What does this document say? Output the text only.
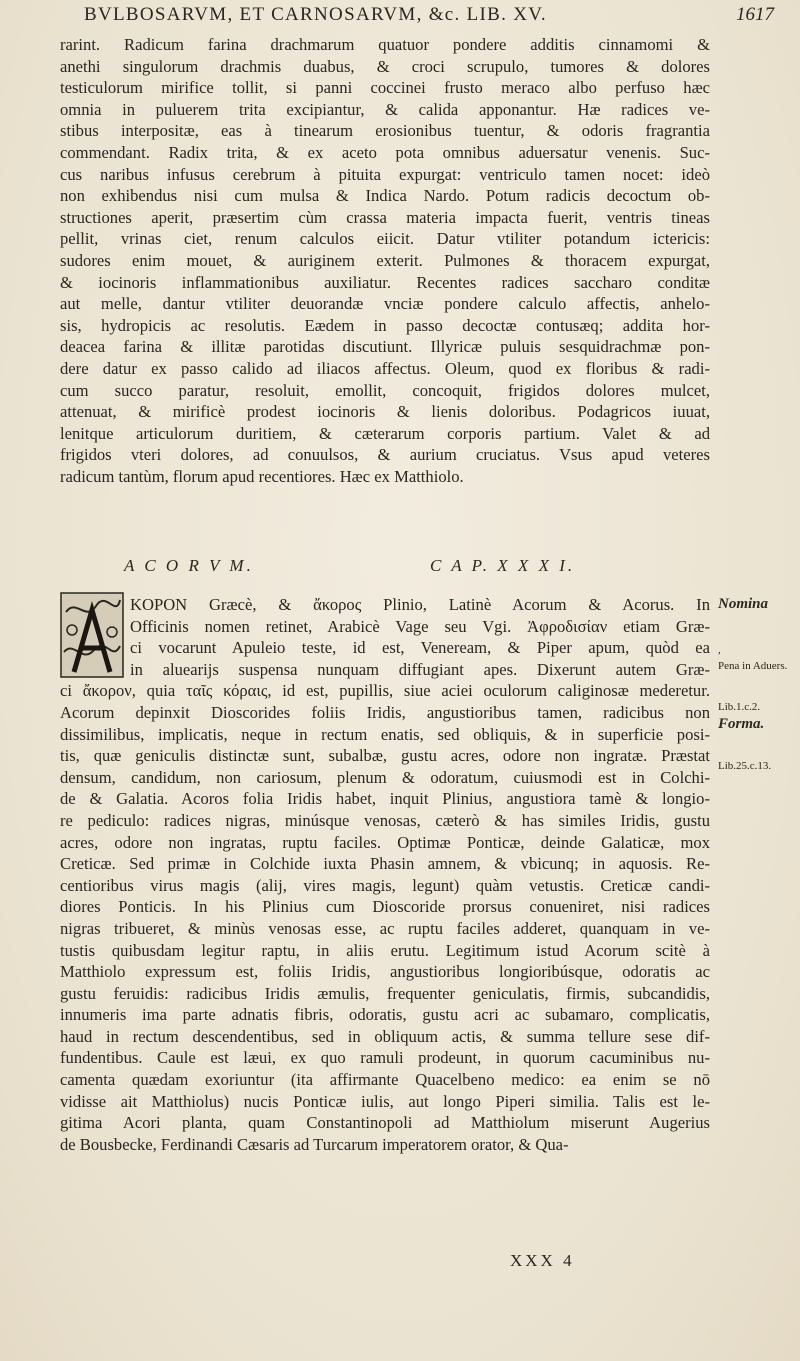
BVLBOSARVM, ET CARNOSARVM, &c. LIB. XV.	1617
rarint. Radicum farina drachmarum quatuor pondere additis cinnamomi &
anethi singulorum drachmis duabus, & croci scrupulo, tumores & dolores
testiculorum mirifice tollit, si panni coccinei frusto meraco albo perfuso hæc
omnia in puluerem trita excipiantur, & calida apponantur. Hæ radices ve-
stibus interpositæ, eas à tinearum erosionibus tuentur, & odoris fragrantia
commendant. Radix trita, & ex aceto pota omnibus aduersatur venenis. Suc-
cus naribus infusus cerebrum à pituita expurgat: ventriculo tamen nocet: ideò
non exhibendus nisi cum mulsa & Indica Nardo. Potum radicis decoctum ob-
structiones aperit, præsertim cùm crassa materia impacta fuerit, ventris tineas
pellit, vrinas ciet, renum calculos eiicit. Datur vtiliter potandum ictericis:
sudores enim mouet, & auriginem exterit. Pulmones & thoracem expurgat,
& iocinoris inflammationibus auxiliatur. Recentes radices saccharo conditæ
aut melle, dantur vtiliter deuorandæ vnciæ pondere calculo affectis, anhelo-
sis, hydropicis ac resolutis. Eædem in passo decoctæ contusæq; addita hor-
deacea farina & illitæ parotidas discutiunt. Illyricæ puluis sesquidrachmæ pon-
dere datur ex passo calido ad iliacos affectus. Oleum, quod ex floribus & radi-
cum succo paratur, resoluit, emollit, concoquit, frigidos dolores mulcet,
attenuat, & mirificè prodest iocinoris & lienis doloribus. Podagricos iuuat,
lenitque articulorum duritiem, & cæterarum corporis partium. Valet & ad
frigidos vteri dolores, ad conuulsos, & aurium cruciatus. Vsus apud veteres
radicum tantùm, florum apud recentiores. Hæc ex Matthiolo.
A C O R V M.	C A P. X X X I.
KOPON Græcè, & ἄκορος Plinio, Latinè Acorum & Acorus. In
Officinis nomen retinet, Arabicè Vage seu Vgi. Ἀφροδισίαν etiam Græ-
ci vocarunt Apuleio teste, id est, Veneream, & Piper apum, quòd ea
in aluearijs suspensa nunquam diffugiant apes. Dixerunt autem Græ-
ci ἄκορον, quia ταῖς κόραις, id est, pupillis, siue aciei oculorum caliginosæ mederetur.
Acorum depinxit Dioscorides foliis Iridis, angustioribus tamen, radicibus non
dissimilibus, implicatis, neque in rectum enatis, sed obliquis, & in superficie posi-
tis, quæ geniculis distinctæ sunt, subalbæ, gustu acres, odore non ingratæ. Præstat
densum, candidum, non cariosum, plenum & odoratum, cuiusmodi est in Colchi-
de & Galatia. Acoros folia Iridis habet, inquit Plinius, angustiora tamè & longio-
re pediculo: radices nigras, minúsque venosas, cæterò & has similes Iridis, gustu
acres, odore non ingratas, ruptu faciles. Optimæ Ponticæ, deinde Galaticæ, mox
Creticæ. Sed primæ in Colchide iuxta Phasin amnem, & vbicunq; in aquosis. Re-
centioribus virus magis (alij, vires magis, legunt) quàm vetustis. Creticæ candi-
diores Ponticis. In his Plinius cum Dioscoride prorsus conueniret, nisi radices
nigras tribueret, & minùs venosas esse, ac ruptu faciles adderet, quanquam in ve-
tustis quibusdam legitur raptu, in aliis erutu. Legitimum istud Acorum scitè à
Matthiolo expressum est, foliis Iridis, angustioribus longioribúsque, odoratis ac
gustu feruidis: radicibus Iridis æmulis, frequenter geniculatis, firmis, subcandidis,
innumeris ima parte adnatis fibris, odoratis, gustu acri ac subamaro, complicatis,
haud in rectum descendentibus, sed in obliquum actis, & summa tellure sese dif-
fundentibus. Caule est læui, ex quo ramuli prodeunt, in quorum cacuminibus nu-
camenta quædam exoriuntur (ita affirmante Quacelbeno medico: ea enim se nō
vidisse ait Matthiolus) nucis Ponticæ iulis, aut longo Piperi similia. Talis est le-
gitima Acori planta, quam Constantinopoli ad Matthiolum miserunt Augerius
de Bousbecke, Ferdinandi Cæsaris ad Turcarum imperatorem orator, & Qua-
Nomina
,
Pena in Aduers.
Lib.1.c.2.
Forma.
Lib.25.c.13.
XXX 4
